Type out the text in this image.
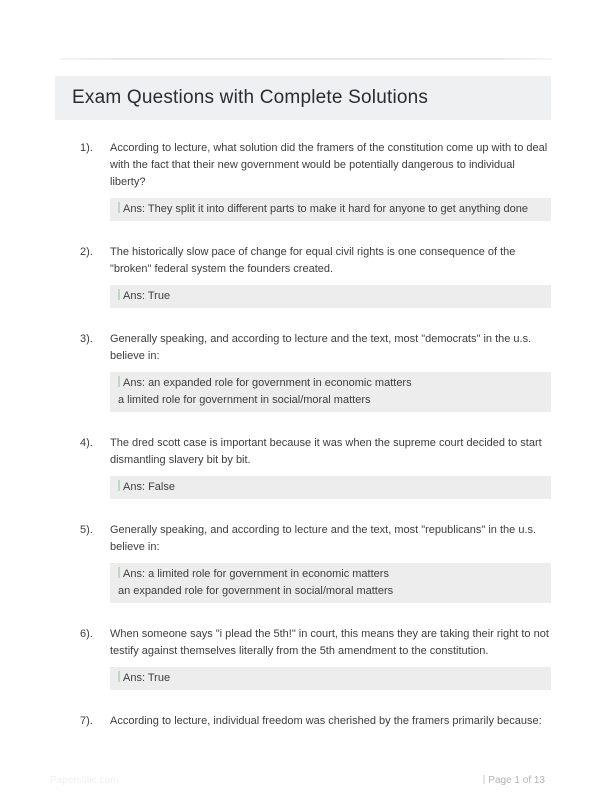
Exam Questions with Complete Solutions
1).	According to lecture, what solution did the framers of the constitution come up with to deal with the fact that their new government would be potentially dangerous to individual liberty?

Ans: They split it into different parts to make it hard for anyone to get anything done
2).	The historically slow pace of change for equal civil rights is one consequence of the "broken" federal system the founders created.

Ans: True
3).	Generally speaking, and according to lecture and the text, most "democrats" in the u.s. believe in:

Ans: an expanded role for government in economic matters
a limited role for government in social/moral matters
4).	The dred scott case is important because it was when the supreme court decided to start dismantling slavery bit by bit.

Ans: False
5).	Generally speaking, and according to lecture and the text, most "republicans" in the u.s. believe in:

Ans: a limited role for government in economic matters
an expanded role for government in social/moral matters
6).	When someone says "i plead the 5th!" in court, this means they are taking their right to not testify against themselves literally from the 5th amendment to the constitution.

Ans: True
7).	According to lecture, individual freedom was cherished by the framers primarily because:

Paperstitic.com	Page 1 of 13
